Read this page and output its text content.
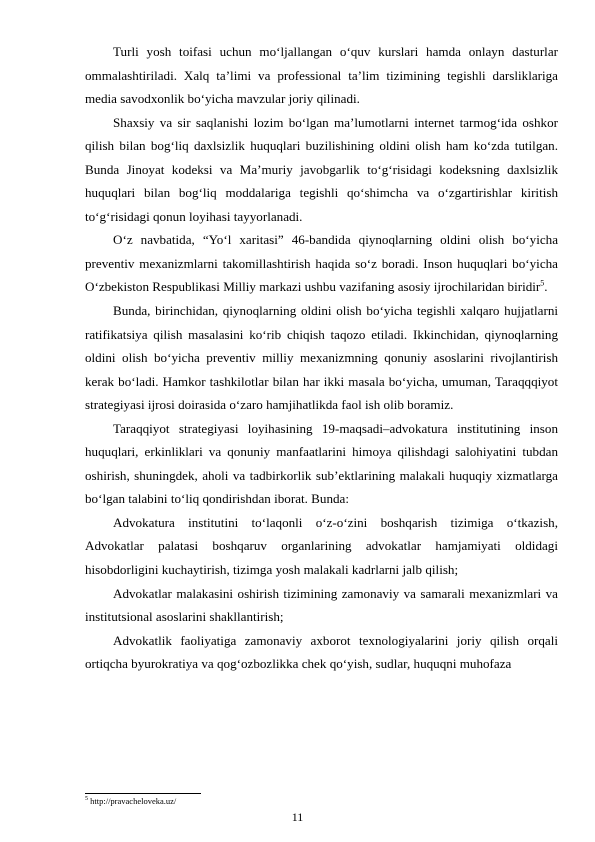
Turli yosh toifasi uchun mo‘ljallangan o‘quv kurslari hamda onlayn dasturlar ommalashtiriladi. Xalq ta’limi va professional ta’lim tizimining tegishli darsliklariga media savodxonlik bo‘yicha mavzular joriy qilinadi.

Shaxsiy va sir saqlanishi lozim bo‘lgan ma’lumotlarni internet tarmog‘ida oshkor qilish bilan bog‘liq daxlsizlik huquqlari buzilishining oldini olish ham ko‘zda tutilgan. Bunda Jinoyat kodeksi va Ma’muriy javobgarlik to‘g‘risidagi kodeksning daxlsizlik huquqlari bilan bog‘liq moddalariga tegishli qo‘shimcha va o‘zgartirishlar kiritish to‘g‘risidagi qonun loyihasi tayyorlanadi.

O‘z navbatida, “Yo‘l xaritasi” 46-bandida qiynoqlarning oldini olish bo‘yicha preventiv mexanizmlarni takomillashtirish haqida so‘z boradi. Inson huquqlari bo‘yicha O‘zbekiston Respublikasi Milliy markazi ushbu vazifaning asosiy ijrochilaridan biridir$^5$.

Bunda, birinchidan, qiynoqlarning oldini olish bo‘yicha tegishli xalqaro hujjatlarni ratifikatsiya qilish masalasini ko‘rib chiqish taqozo etiladi. Ikkinchidan, qiynoqlarning oldini olish bo‘yicha preventiv milliy mexanizmning qonuniy asoslarini rivojlantirish kerak bo‘ladi. Hamkor tashkilotlar bilan har ikki masala bo‘yicha, umuman, Taraqqqiyot strategiyasi ijrosi doirasida o‘zaro hamjihatlikda faol ish olib boramiz.

Taraqqiyot strategiyasi loyihasining 19-maqsadi–advokatura institutining inson huquqlari, erkinliklari va qonuniy manfaatlarini himoya qilishdagi salohiyatini tubdan oshirish, shuningdek, aholi va tadbirkorlik sub’ektlarining malakali huquqiy xizmatlarga bo‘lgan talabini to‘liq qondirishdan iborat. Bunda:

Advokatura institutini to‘laqonli o‘z-o‘zini boshqarish tizimiga o‘tkazish, Advokatlar palatasi boshqaruv organlarining advokatlar hamjamiyati oldidagi hisobdorligini kuchaytirish, tizimga yosh malakali kadrlarni jalb qilish;

Advokatlar malakasini oshirish tizimining zamonaviy va samarali mexanizmlari va institutsional asoslarini shakllantirish;

Advokatlik faoliyatiga zamonaviy axborot texnologiyalarini joriy qilish orqali ortiqcha byurokratiya va qog‘ozbozlikka chek qo‘yish, sudlar, huquqni muhofaza

$^5$ http://pravacheloveka.uz/
11
